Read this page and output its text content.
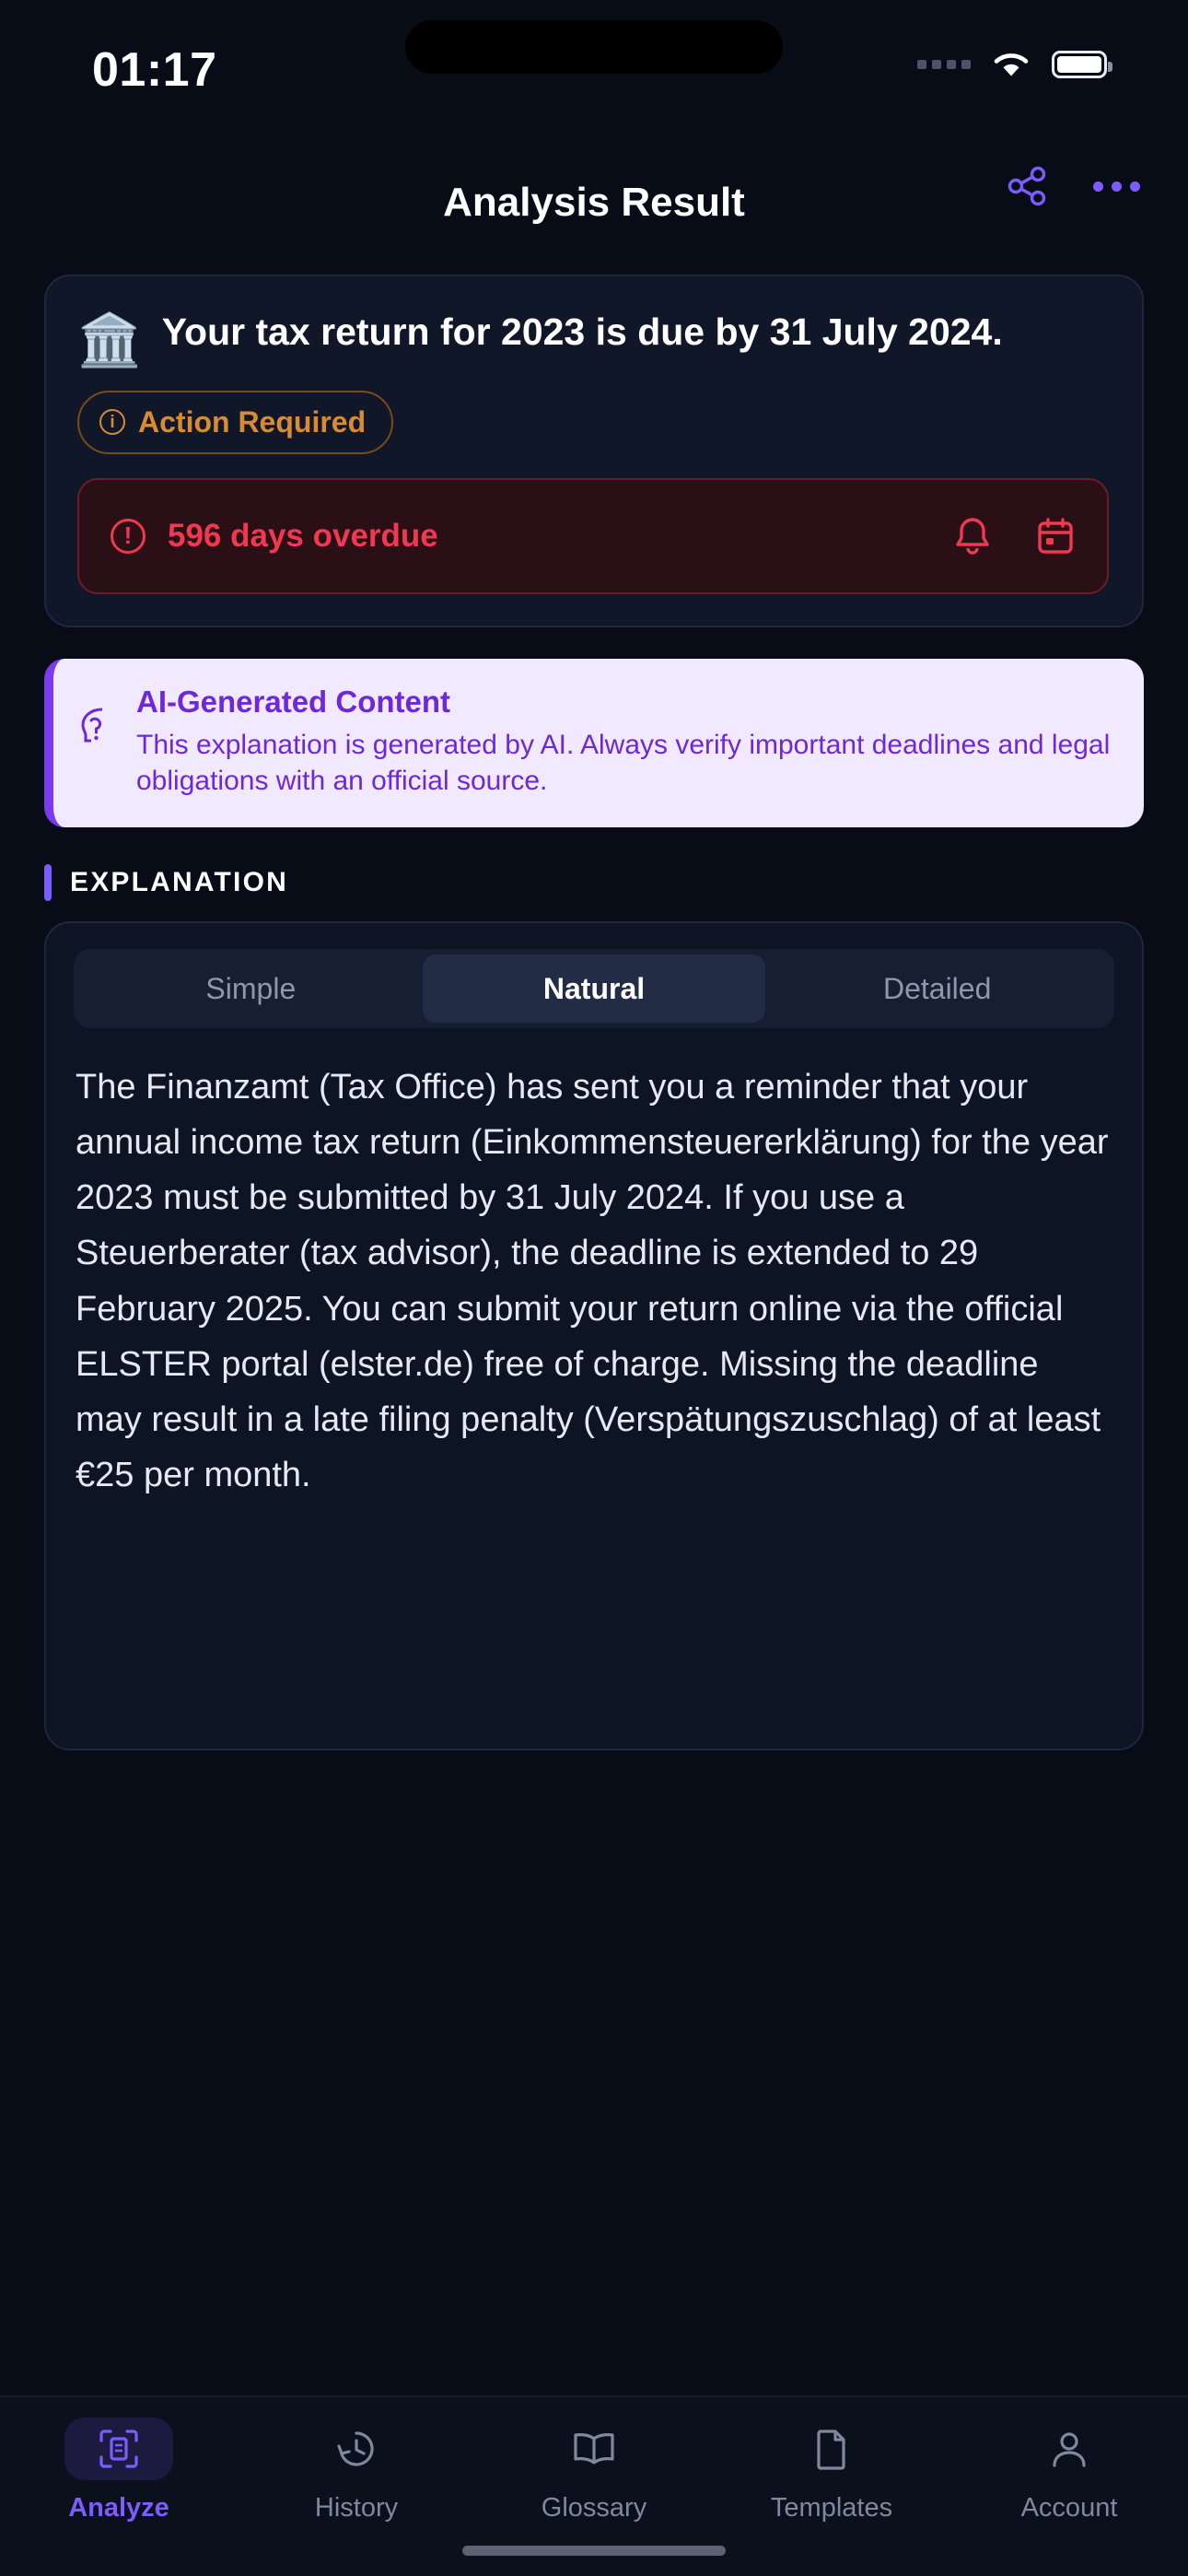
01:17
Analysis Result
🏛️ Your tax return for 2023 is due by 31 July 2024.
i Action Required
!	596 days overdue
AI-Generated Content
This explanation is generated by AI. Always verify important deadlines and legal obligations with an official source.
EXPLANATION
Simple	Natural	Detailed
The Finanzamt (Tax Office) has sent you a reminder that your annual income tax return (Einkommensteuererklärung) for the year 2023 must be submitted by 31 July 2024. If you use a Steuerberater (tax advisor), the deadline is extended to 29 February 2025. You can submit your return online via the official ELSTER portal (elster.de) free of charge. Missing the deadline may result in a late filing penalty (Verspätungszuschlag) of at least €25 per month.
Analyze	History	Glossary	Templates	Account
